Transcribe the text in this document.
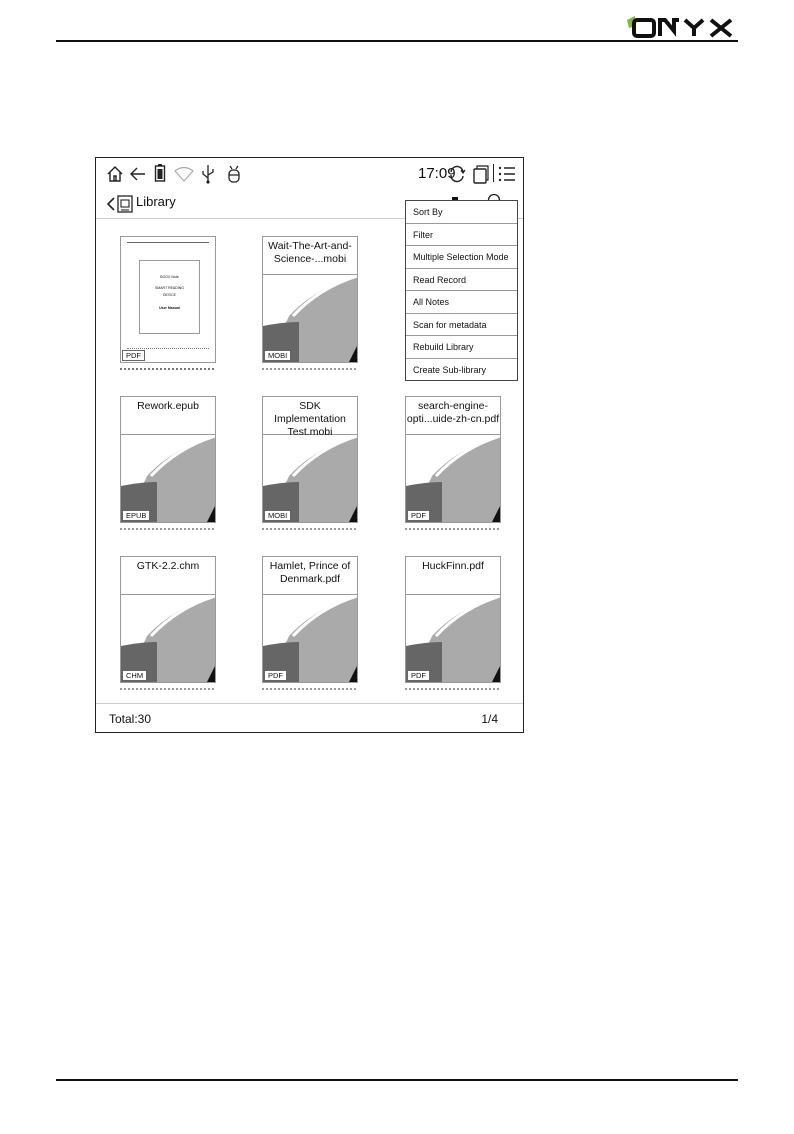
17:09
Library
BOOX Note
SMART READING
DEVICE
User Manual
PDF
Wait-The-Art-and-Science-...mobi
MOBI
Rework.epub
EPUB
SDK Implementation Test.mobi
MOBI
search-engine-opti...uide-zh-cn.pdf
PDF
GTK-2.2.chm
CHM
Hamlet, Prince of Denmark.pdf
PDF
HuckFinn.pdf
PDF
Total:30	1/4
Sort By
Filter
Multiple Selection Mode
Read Record
All Notes
Scan for metadata
Rebuild Library
Create Sub-library
